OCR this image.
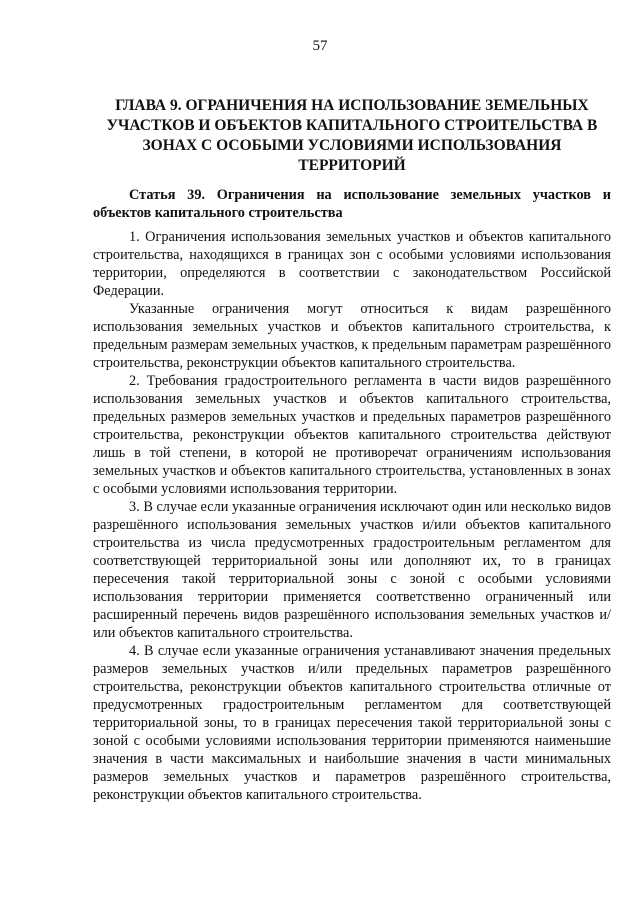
57
ГЛАВА 9. ОГРАНИЧЕНИЯ НА ИСПОЛЬЗОВАНИЕ ЗЕМЕЛЬНЫХ УЧАСТКОВ И ОБЪЕКТОВ КАПИТАЛЬНОГО СТРОИТЕЛЬСТВА В ЗОНАХ С ОСОБЫМИ УСЛОВИЯМИ ИСПОЛЬЗОВАНИЯ ТЕРРИТОРИЙ
Статья 39. Ограничения на использование земельных участков и объектов капитального строительства

1. Ограничения использования земельных участков и объектов капитального строительства, находящихся в границах зон с особыми условиями использования территории, определяются в соответствии с законодательством Российской Федерации.

Указанные ограничения могут относиться к видам разрешённого использования земельных участков и объектов капитального строительства, к предельным размерам земельных участков, к предельным параметрам разрешённого строительства, реконструкции объектов капитального строительства.

2. Требования градостроительного регламента в части видов разрешённого использования земельных участков и объектов капитального строительства, предельных размеров земельных участков и предельных параметров разрешённого строительства, реконструкции объектов капитального строительства действуют лишь в той степени, в которой не противоречат ограничениям использования земельных участков и объектов капитального строительства, установленных в зонах с особыми условиями использования территории.

3. В случае если указанные ограничения исключают один или несколько видов разрешённого использования земельных участков и/или объектов капитального строительства из числа предусмотренных градостроительным регламентом для соответствующей территориальной зоны или дополняют их, то в границах пересечения такой территориальной зоны с зоной с особыми условиями использования территории применяется соответственно ограниченный или расширенный перечень видов разрешённого использования земельных участков и/или объектов капитального строительства.

4. В случае если указанные ограничения устанавливают значения предельных размеров земельных участков и/или предельных параметров разрешённого строительства, реконструкции объектов капитального строительства отличные от предусмотренных градостроительным регламентом для соответствующей территориальной зоны, то в границах пересечения такой территориальной зоны с зоной с особыми условиями использования территории применяются наименьшие значения в части максимальных и наибольшие значения в части минимальных размеров земельных участков и параметров разрешённого строительства, реконструкции объектов капитального строительства.
